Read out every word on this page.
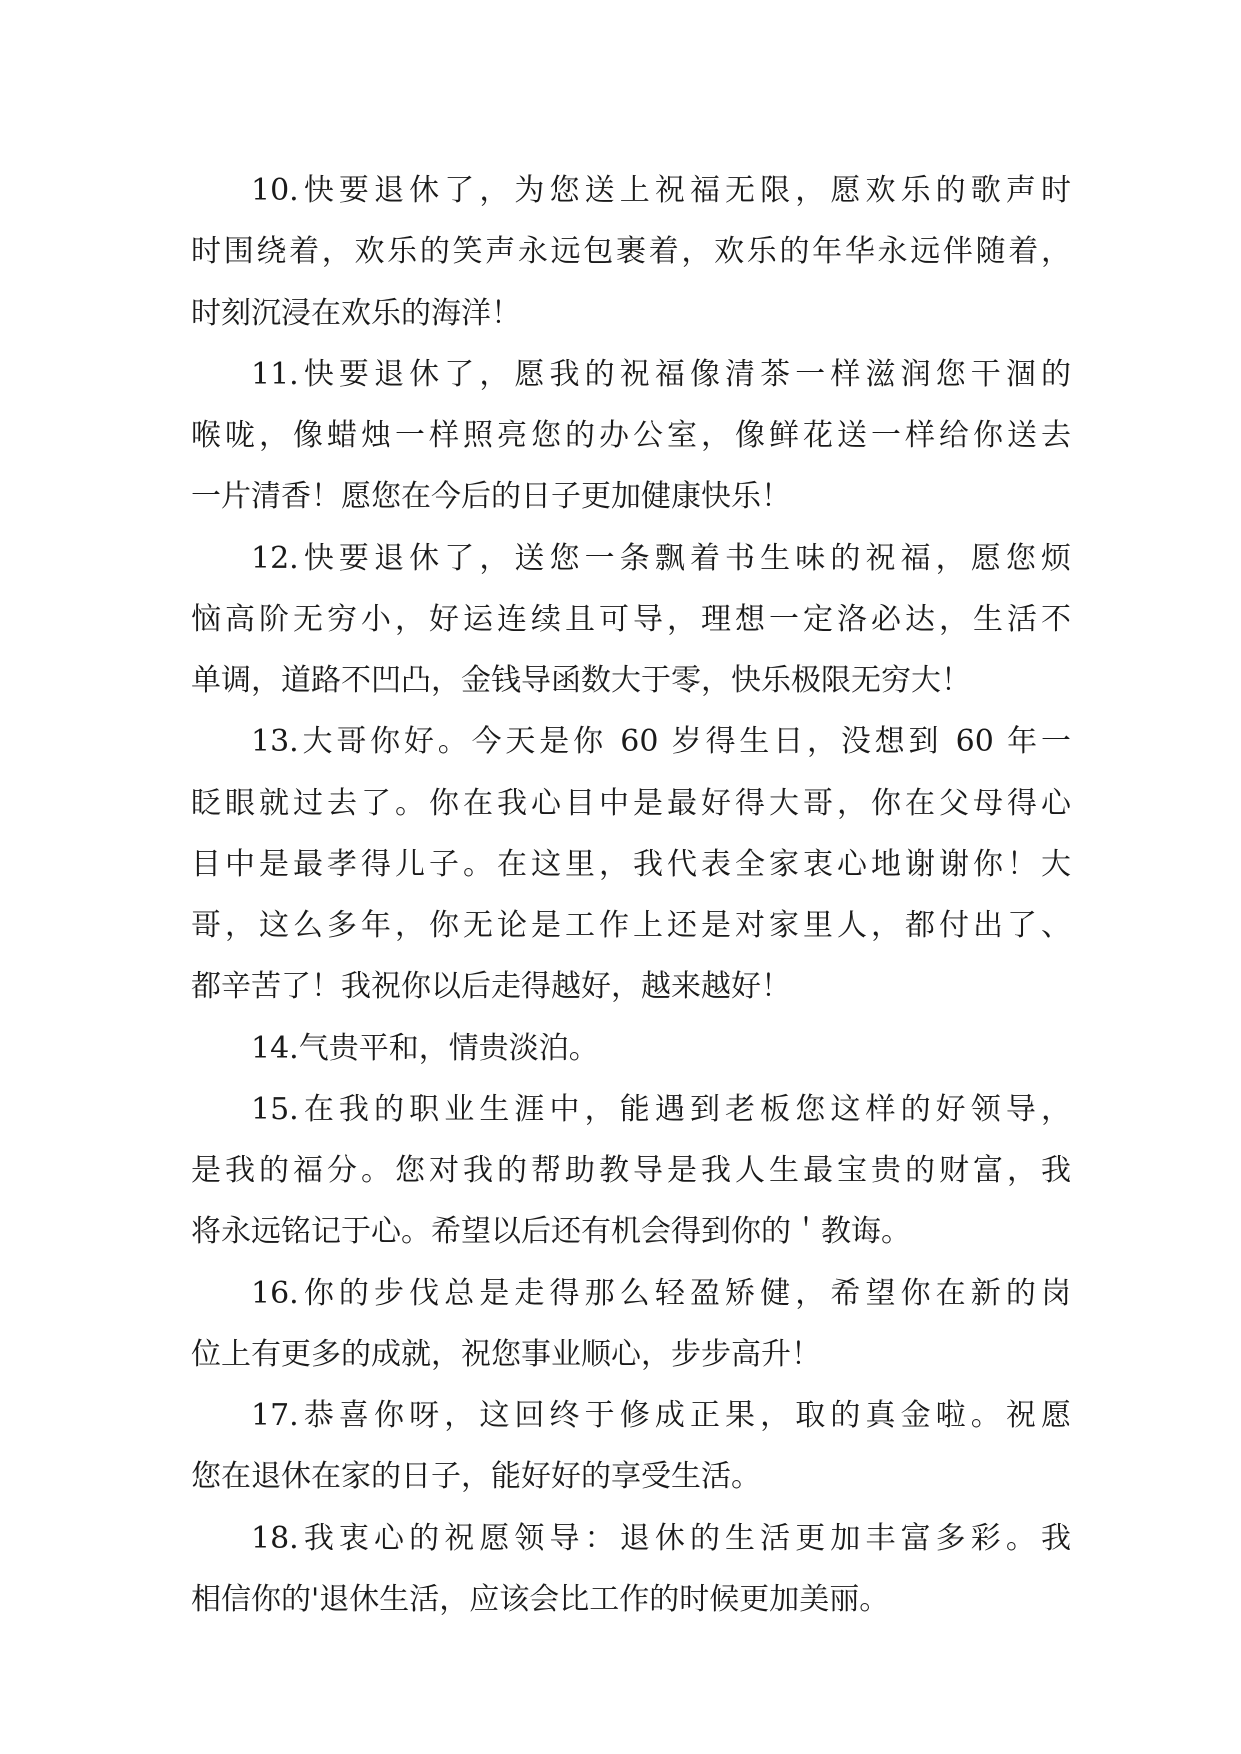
10.快要退休了，为您送上祝福无限，愿欢乐的歌声时
时围绕着，欢乐的笑声永远包裹着，欢乐的年华永远伴随着，
时刻沉浸在欢乐的海洋！
11.快要退休了，愿我的祝福像清茶一样滋润您干涸的
喉咙，像蜡烛一样照亮您的办公室，像鲜花送一样给你送去
一片清香！愿您在今后的日子更加健康快乐！
12.快要退休了，送您一条飘着书生味的祝福，愿您烦
恼高阶无穷小，好运连续且可导，理想一定洛必达，生活不
单调，道路不凹凸，金钱导函数大于零，快乐极限无穷大！
13.大哥你好。今天是你 60 岁得生日，没想到 60 年一
眨眼就过去了。你在我心目中是最好得大哥，你在父母得心
目中是最孝得儿子。在这里，我代表全家衷心地谢谢你！大
哥，这么多年，你无论是工作上还是对家里人，都付出了、
都辛苦了！我祝你以后走得越好，越来越好！
14.气贵平和，情贵淡泊。
15.在我的职业生涯中，能遇到老板您这样的好领导，
是我的福分。您对我的帮助教导是我人生最宝贵的财富，我
将永远铭记于心。希望以后还有机会得到你的＇教诲。
16.你的步伐总是走得那么轻盈矫健，希望你在新的岗
位上有更多的成就，祝您事业顺心，步步高升！
17.恭喜你呀，这回终于修成正果，取的真金啦。祝愿
您在退休在家的日子，能好好的享受生活。
18.我衷心的祝愿领导：退休的生活更加丰富多彩。我
相信你的'退休生活，应该会比工作的时候更加美丽。
